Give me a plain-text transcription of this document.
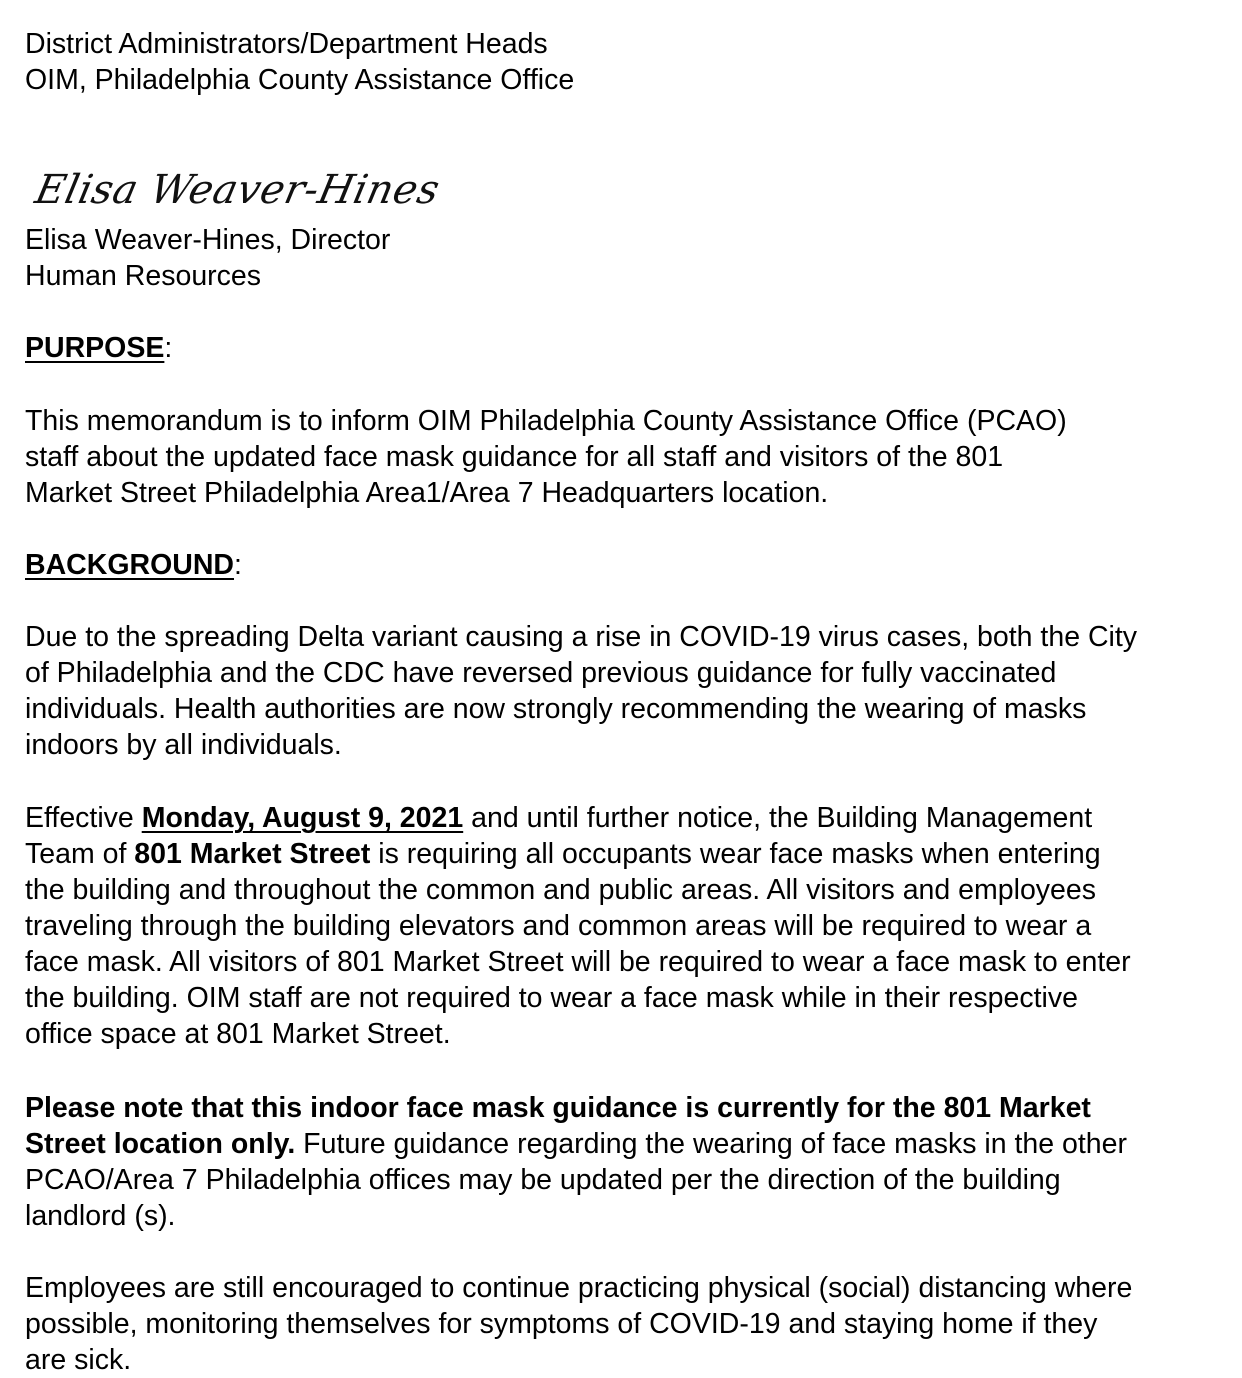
District Administrators/Department Heads
OIM, Philadelphia County Assistance Office
Elisa Weaver-Hines
Elisa Weaver-Hines, Director
Human Resources
PURPOSE:
This memorandum is to inform OIM Philadelphia County Assistance Office (PCAO)
staff about the updated face mask guidance for all staff and visitors of the 801
Market Street Philadelphia Area1/Area 7 Headquarters location.
BACKGROUND:
Due to the spreading Delta variant causing a rise in COVID-19 virus cases, both the City
of Philadelphia and the CDC have reversed previous guidance for fully vaccinated
individuals. Health authorities are now strongly recommending the wearing of masks
indoors by all individuals.
Effective Monday, August 9, 2021 and until further notice, the Building Management
Team of 801 Market Street is requiring all occupants wear face masks when entering
the building and throughout the common and public areas. All visitors and employees
traveling through the building elevators and common areas will be required to wear a
face mask. All visitors of 801 Market Street will be required to wear a face mask to enter
the building. OIM staff are not required to wear a face mask while in their respective
office space at 801 Market Street.
Please note that this indoor face mask guidance is currently for the 801 Market
Street location only. Future guidance regarding the wearing of face masks in the other
PCAO/Area 7 Philadelphia offices may be updated per the direction of the building
landlord (s).
Employees are still encouraged to continue practicing physical (social) distancing where
possible, monitoring themselves for symptoms of COVID-19 and staying home if they
are sick.
